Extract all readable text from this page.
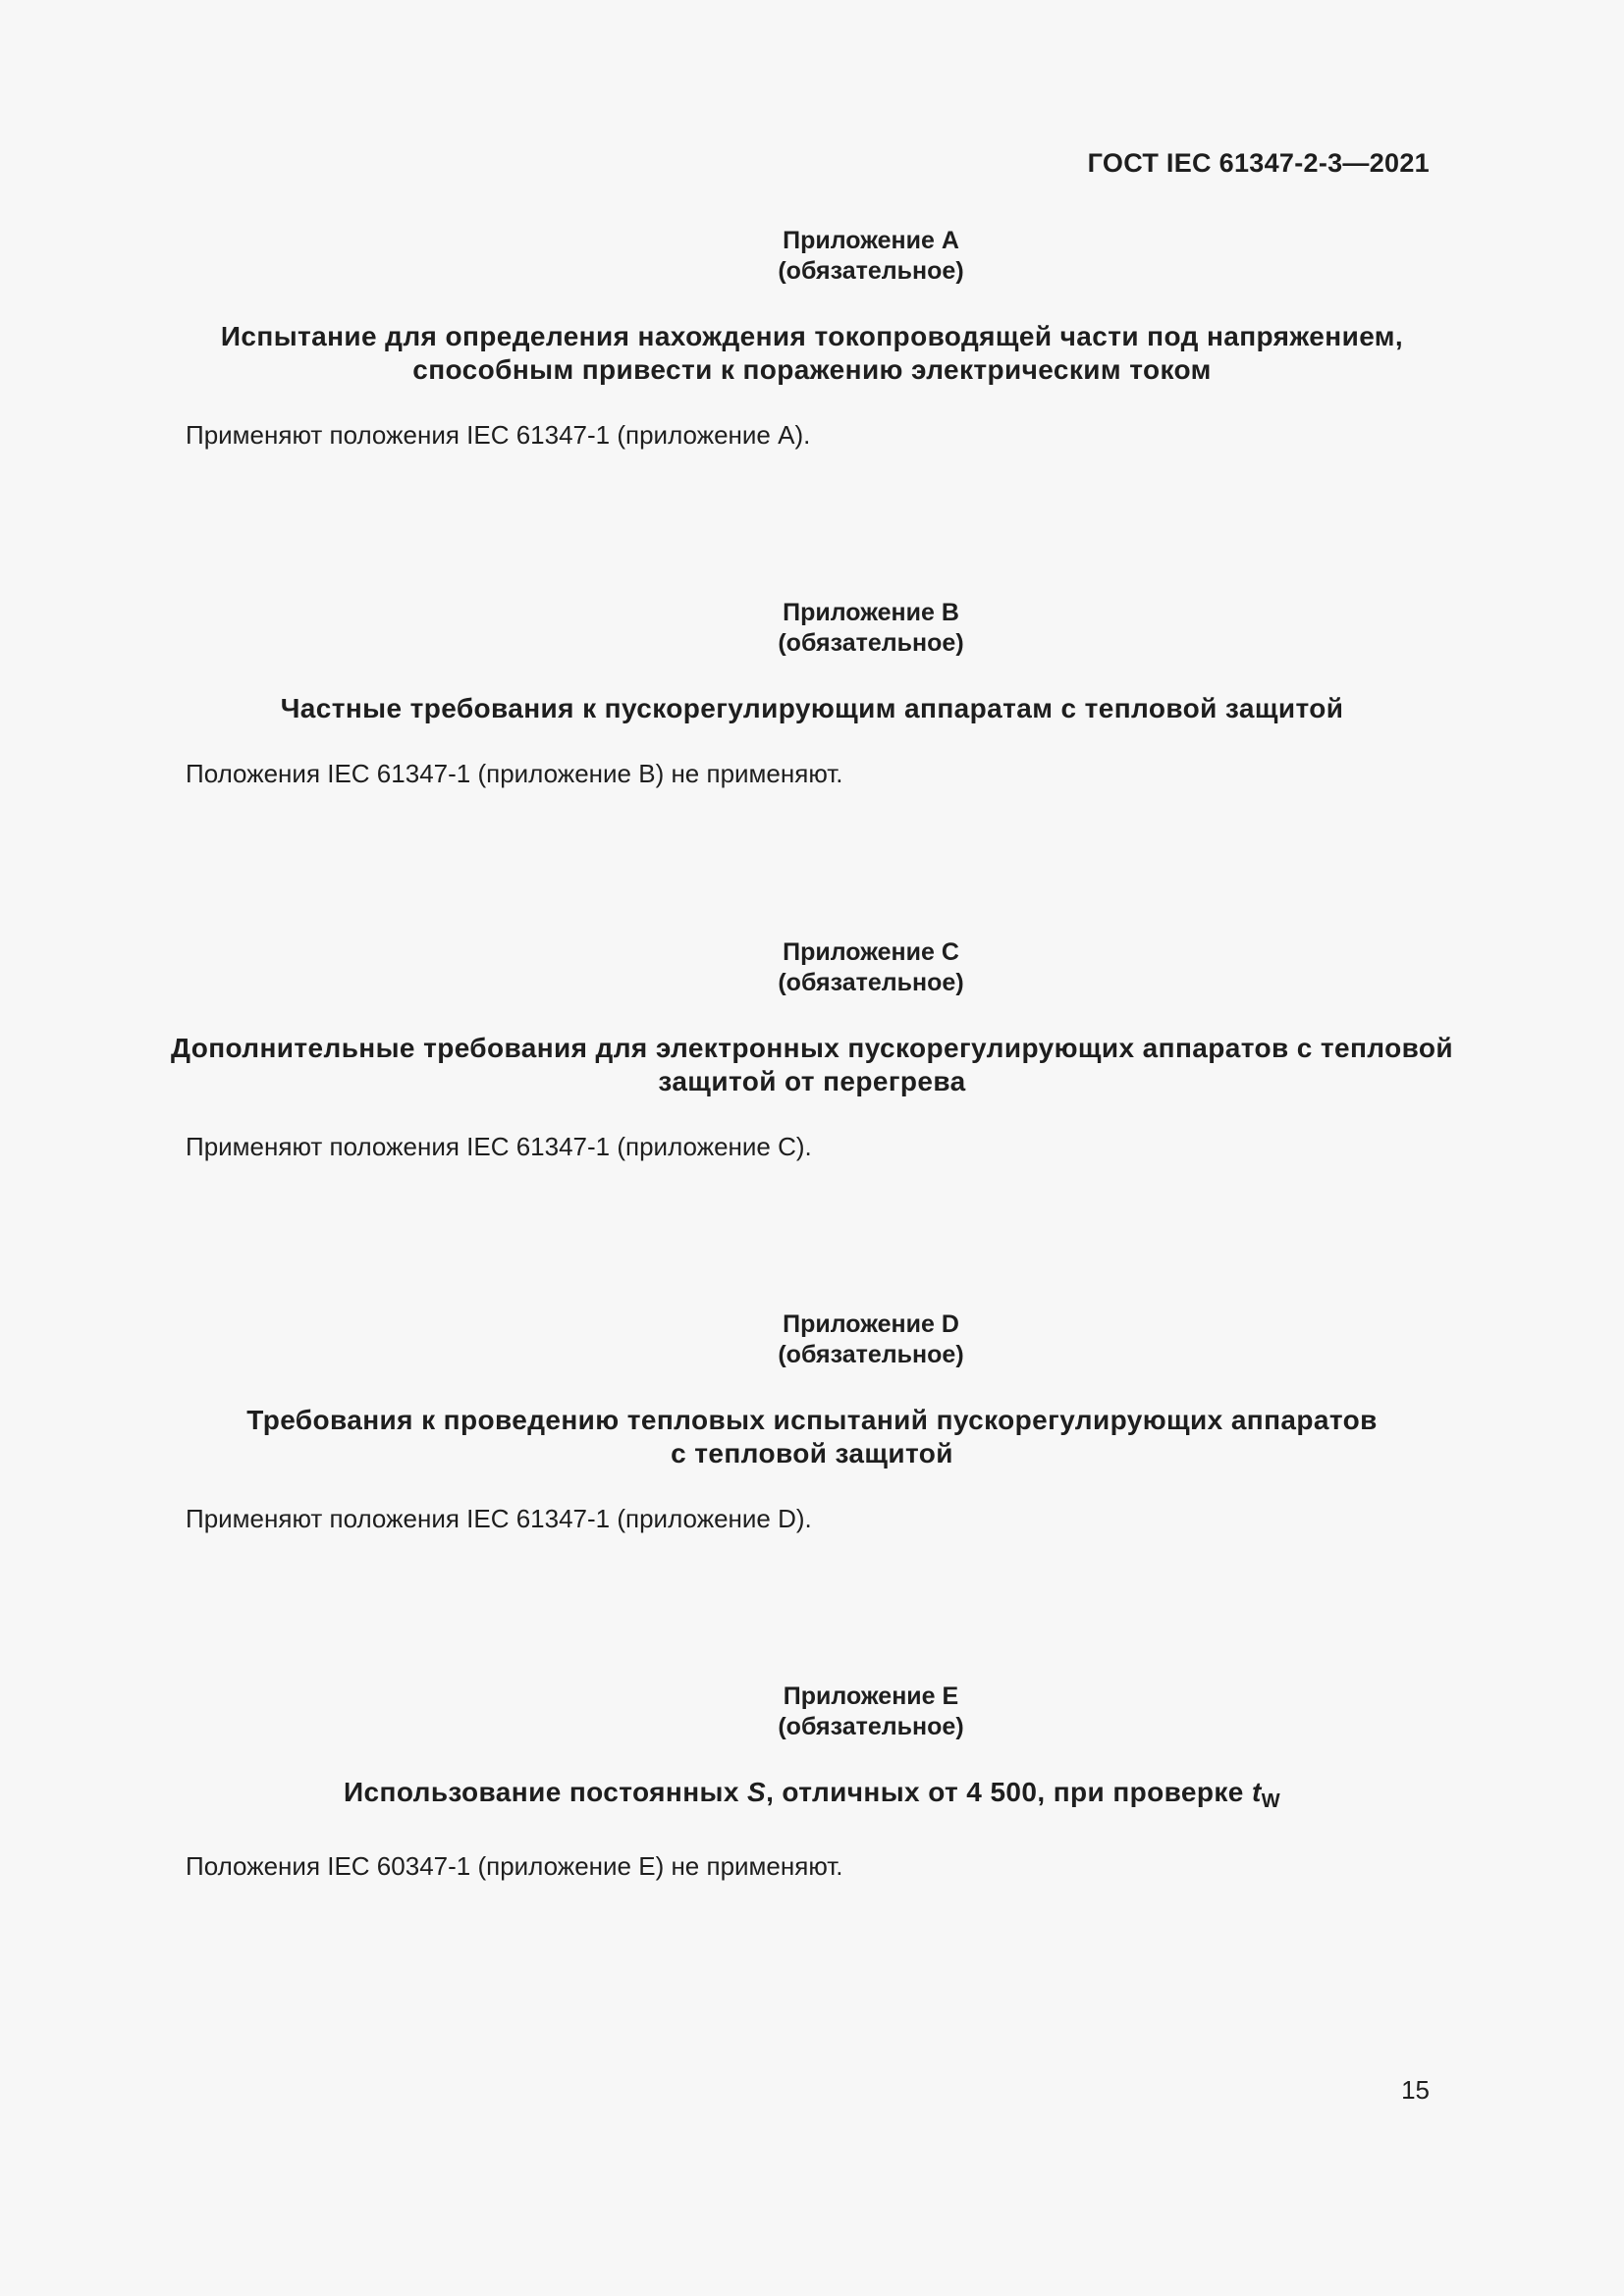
ГОСТ IEC 61347-2-3—2021
Приложение А
(обязательное)
Испытание для определения нахождения токопроводящей части под напряжением,
способным привести к поражению электрическим током
Применяют положения IEC 61347-1 (приложение А).
Приложение В
(обязательное)
Частные требования к пускорегулирующим аппаратам с тепловой защитой
Положения IEC 61347-1 (приложение В) не применяют.
Приложение С
(обязательное)
Дополнительные требования для электронных пускорегулирующих аппаратов с тепловой
защитой от перегрева
Применяют положения IEC 61347-1 (приложение С).
Приложение D
(обязательное)
Требования к проведению тепловых испытаний пускорегулирующих аппаратов
с тепловой защитой
Применяют положения IEC 61347-1 (приложение D).
Приложение E
(обязательное)
Использование постоянных S, отличных от 4 500, при проверке $t_W$
Положения IEC 60347-1 (приложение E) не применяют.
15
